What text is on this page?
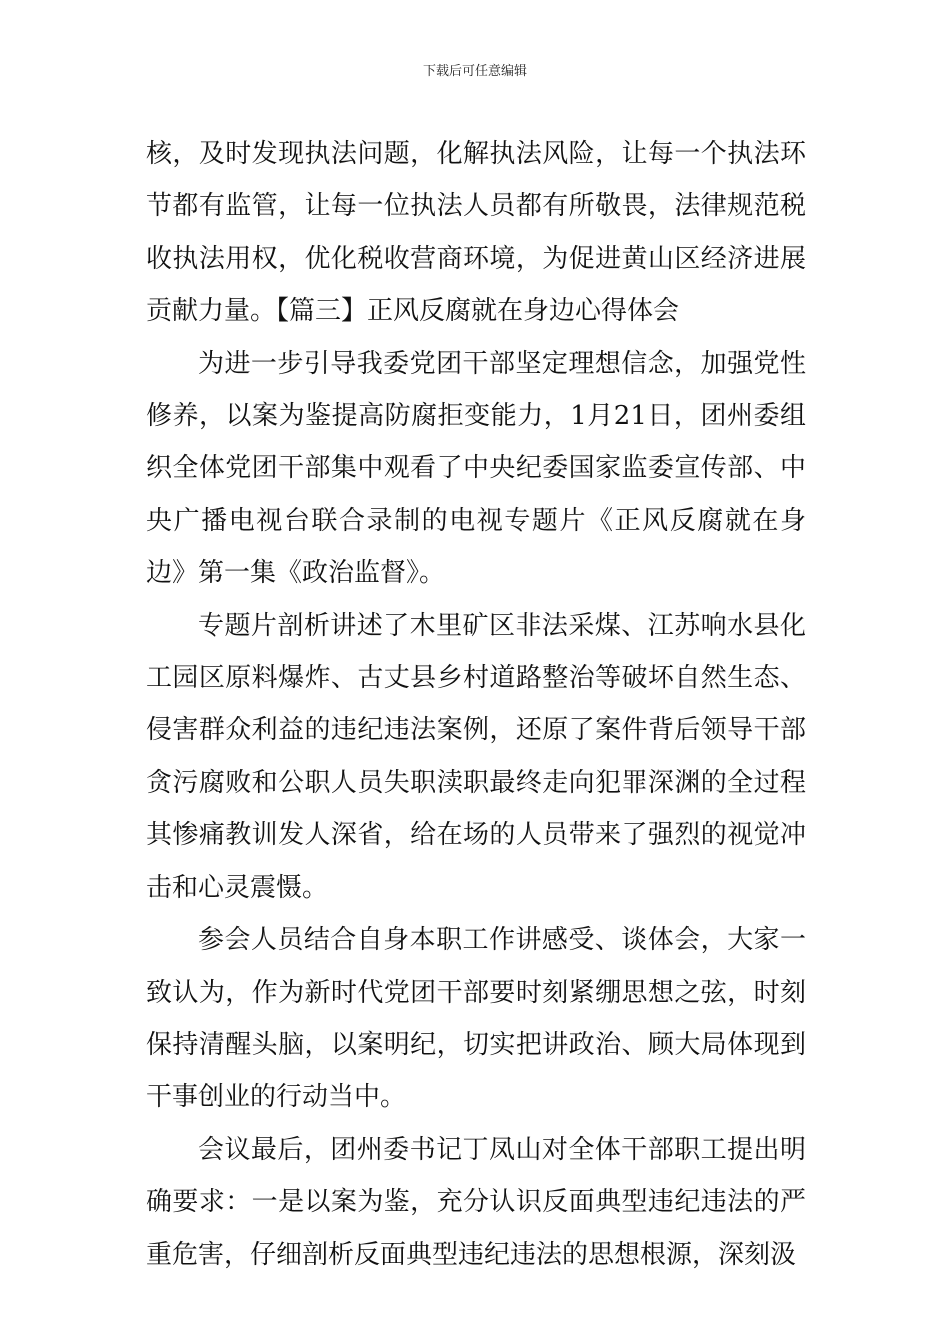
下载后可任意编辑

核，及时发现执法问题，化解执法风险，让每一个执法环节都有监管，让每一位执法人员都有所敬畏，法律规范税收执法用权，优化税收营商环境，为促进黄山区经济进展贡献力量。【篇三】正风反腐就在身边心得体会

为进一步引导我委党团干部坚定理想信念，加强党性修养，以案为鉴提高防腐拒变能力，1月21日，团州委组织全体党团干部集中观看了中央纪委国家监委宣传部、中央广播电视台联合录制的电视专题片《正风反腐就在身边》第一集《政治监督》。

专题片剖析讲述了木里矿区非法采煤、江苏响水县化工园区原料爆炸、古丈县乡村道路整治等破坏自然生态、侵害群众利益的违纪违法案例，还原了案件背后领导干部贪污腐败和公职人员失职渎职最终走向犯罪深渊的全过程其惨痛教训发人深省，给在场的人员带来了强烈的视觉冲击和心灵震慑。

参会人员结合自身本职工作讲感受、谈体会，大家一致认为，作为新时代党团干部要时刻紧绷思想之弦，时刻保持清醒头脑，以案明纪，切实把讲政治、顾大局体现到干事创业的行动当中。

会议最后，团州委书记丁凤山对全体干部职工提出明确要求：一是以案为鉴，充分认识反面典型违纪违法的严重危害，仔细剖析反面典型违纪违法的思想根源，深刻汲
